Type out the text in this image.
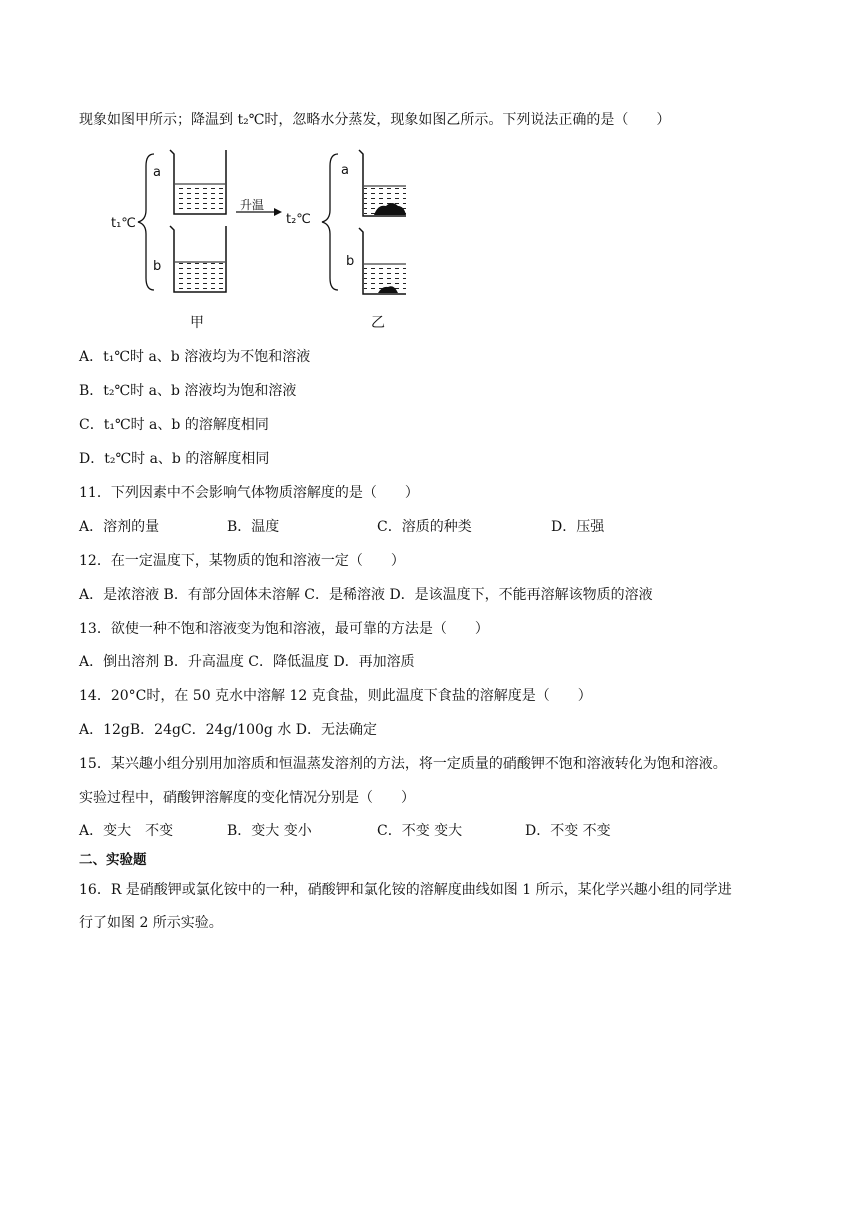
现象如图甲所示；降温到 t₂℃时，忽略水分蒸发，现象如图乙所示。下列说法正确的是（　　）
a
b
t₁℃
升温
t₂℃
a
b
甲	乙
A．t₁℃时 a、b 溶液均为不饱和溶液
B．t₂℃时 a、b 溶液均为饱和溶液
C．t₁℃时 a、b 的溶解度相同
D．t₂℃时 a、b 的溶解度相同
11．下列因素中不会影响气体物质溶解度的是（　　）
A．溶剂的量	B．温度	C．溶质的种类	D．压强
12．在一定温度下，某物质的饱和溶液一定（　　）
A．是浓溶液 B．有部分固体未溶解 C．是稀溶液 D．是该温度下，不能再溶解该物质的溶液
13．欲使一种不饱和溶液变为饱和溶液，最可靠的方法是（　　）
A．倒出溶剂 B．升高温度 C．降低温度 D．再加溶质
14．20°C时，在 50 克水中溶解 12 克食盐，则此温度下食盐的溶解度是（　　）
A．12gB．24gC．24g/100g 水 D．无法确定
15．某兴趣小组分别用加溶质和恒温蒸发溶剂的方法，将一定质量的硝酸钾不饱和溶液转化为饱和溶液。
实验过程中，硝酸钾溶解度的变化情况分别是（　　）
A．变大　不变	B．变大 变小	C．不变 变大	D．不变 不变
二、实验题
16．R 是硝酸钾或氯化铵中的一种，硝酸钾和氯化铵的溶解度曲线如图 1 所示，某化学兴趣小组的同学进
行了如图 2 所示实验。
